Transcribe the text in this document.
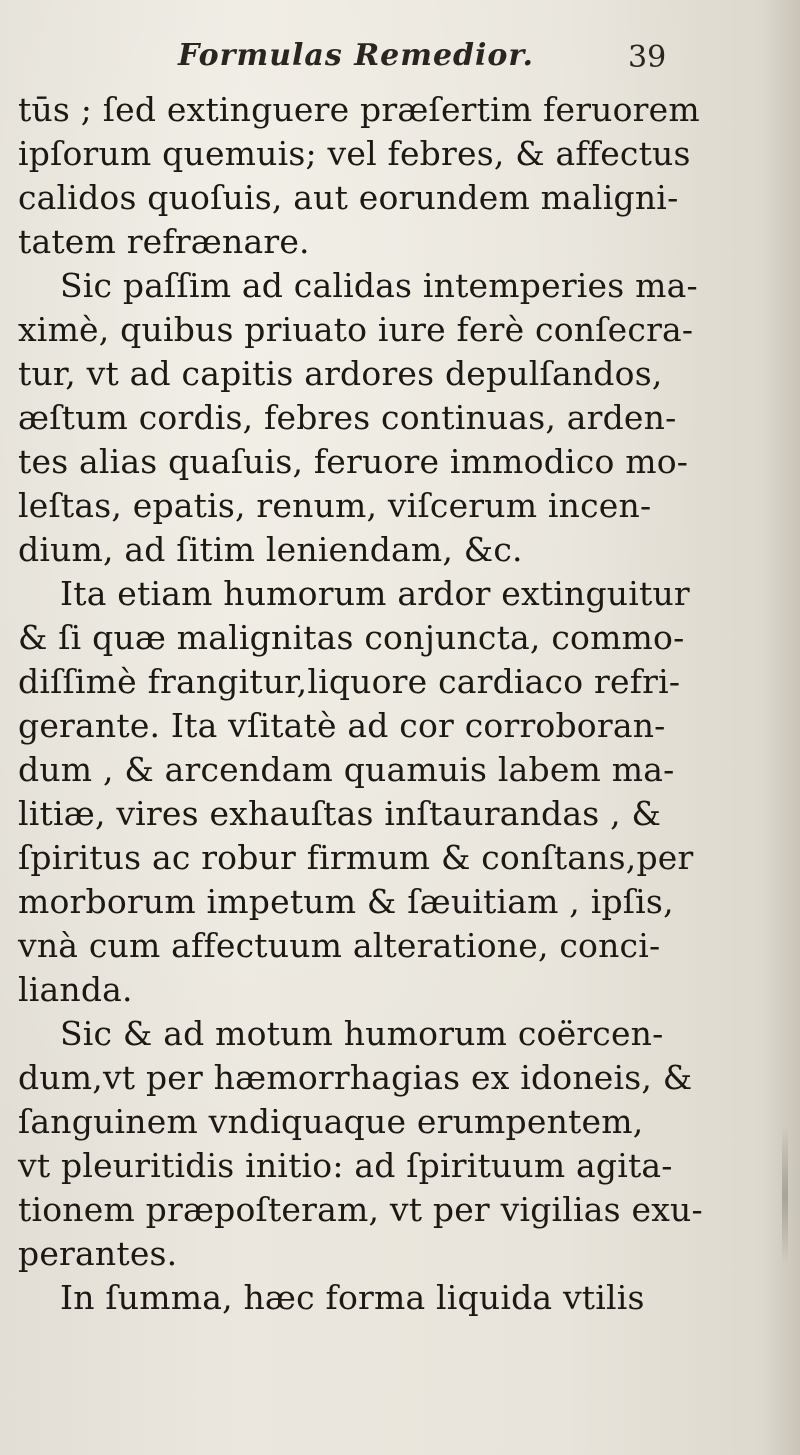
Formulas Remedior.	39
tūs ; ſed extinguere præſertim feruorem
ipſorum quemuis; vel febres, & affectus
calidos quoſuis, aut eorundem maligni-
tatem refrænare.
Sic paſſim ad calidas intemperies ma-
ximè, quibus priuato iure ferè conſecra-
tur, vt ad capitis ardores depulſandos,
æſtum cordis, febres continuas, arden-
tes alias quaſuis, feruore immodico mo-
leſtas, epatis, renum, viſcerum incen-
dium, ad ſitim leniendam, &c.
Ita etiam humorum ardor extinguitur
& ſi quæ malignitas conjuncta, commo-
diſſimè frangitur,liquore cardiaco refri-
gerante. Ita vſitatè ad cor corroboran-
dum , & arcendam quamuis labem ma-
litiæ, vires exhauſtas inſtaurandas , &
ſpiritus ac robur firmum & conſtans,per
morborum impetum & ſæuitiam , ipſis,
vnà cum affectuum alteratione, conci-
lianda.
Sic & ad motum humorum coërcen-
dum,vt per hæmorrhagias ex idoneis, &
ſanguinem vndiquaque erumpentem,
vt pleuritidis initio: ad ſpirituum agita-
tionem præpoſteram, vt per vigilias exu-
perantes.
In ſumma, hæc forma liquida vtilis
